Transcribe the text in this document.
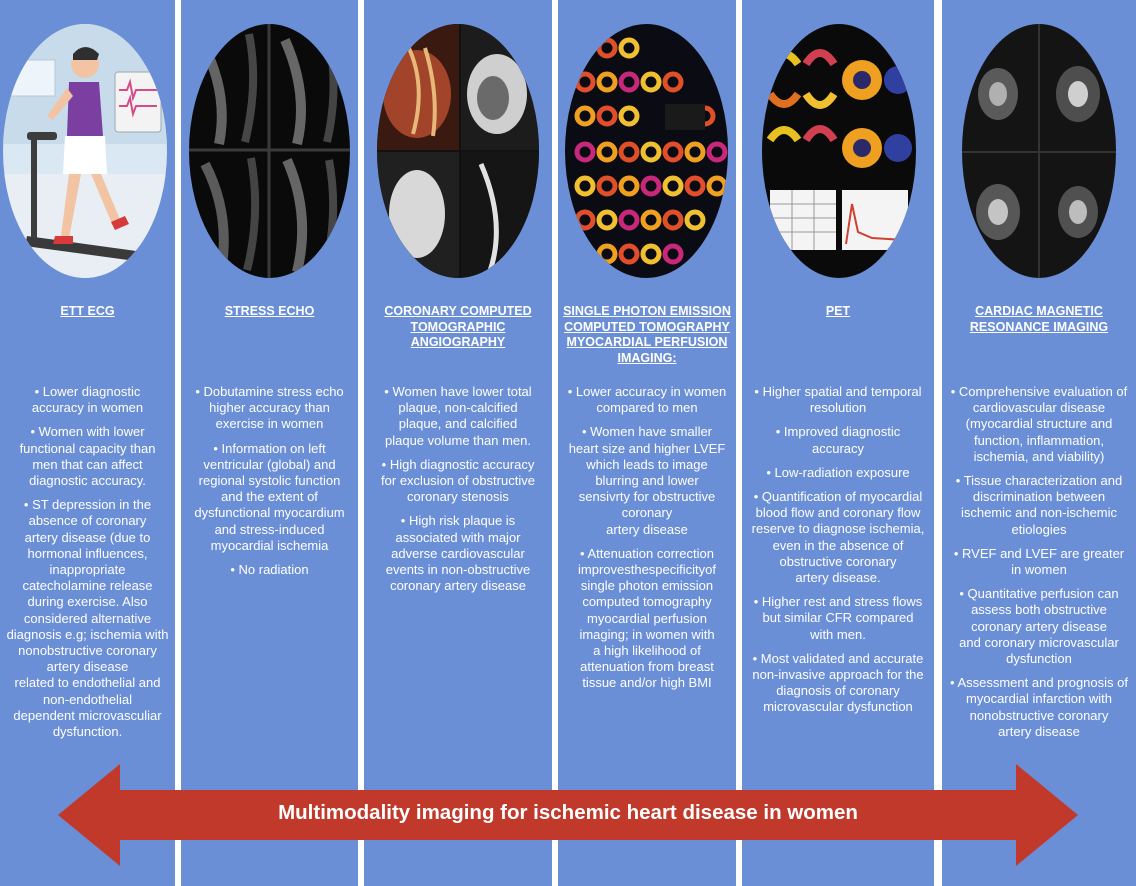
ETT ECG
• Lower diagnostic
accuracy in women
• Women with lower
functional capacity than
men that can affect
diagnostic accuracy.
• ST depression in the
absence of coronary
artery disease (due to
hormonal influences,
inappropriate
catecholamine release
during exercise. Also
considered alternative
diagnosis e.g; ischemia with
nonobstructive coronary
artery disease
related to endothelial and
non-endothelial
dependent microvasculiar
dysfunction.
STRESS ECHO
• Dobutamine stress echo
higher accuracy than
exercise in women
• Information on left
ventricular (global) and
regional systolic function
and the extent of
dysfunctional myocardium
and stress-induced
myocardial ischemia
• No radiation
CORONARY COMPUTED
TOMOGRAPHIC
ANGIOGRAPHY
• Women have lower total
plaque, non-calcified
plaque, and calcified
plaque volume than men.
• High diagnostic accuracy
for exclusion of obstructive
coronary stenosis
• High risk plaque is
associated with major
adverse cardiovascular
events in non-obstructive
coronary artery disease
SINGLE PHOTON EMISSION
COMPUTED TOMOGRAPHY
MYOCARDIAL PERFUSION
IMAGING:
• Lower accuracy in women
compared to men
• Women have smaller
heart size and higher LVEF
which leads to image
blurring and lower
sensivrty for obstructive
coronary
artery disease
• Attenuation correction
improvesthespecificityof
single photon emission
computed tomography
myocardial perfusion
imaging; in women with
a high likelihood of
attenuation from breast
tissue and/or high BMI
PET
• Higher spatial and temporal
resolution
• Improved diagnostic
accuracy
• Low-radiation exposure
• Quantification of myocardial
blood flow and coronary flow
reserve to diagnose ischemia,
even in the absence of
obstructive coronary
artery disease.
• Higher rest and stress flows
but similar CFR compared
with men.
• Most validated and accurate
non-invasive approach for the
diagnosis of coronary
microvascular dysfunction
CARDIAC MAGNETIC
RESONANCE IMAGING
• Comprehensive evaluation of
cardiovascular disease
(myocardial structure and
function, inflammation,
ischemia, and viability)
• Tissue characterization and
discrimination between
ischemic and non-ischemic
etiologies
• RVEF and LVEF are greater
in women
• Quantitative perfusion can
assess both obstructive
coronary artery disease
and coronary microvascular
dysfunction
• Assessment and prognosis of
myocardial infarction with
nonobstructive coronary
artery disease
Multimodality imaging for ischemic heart disease in women
